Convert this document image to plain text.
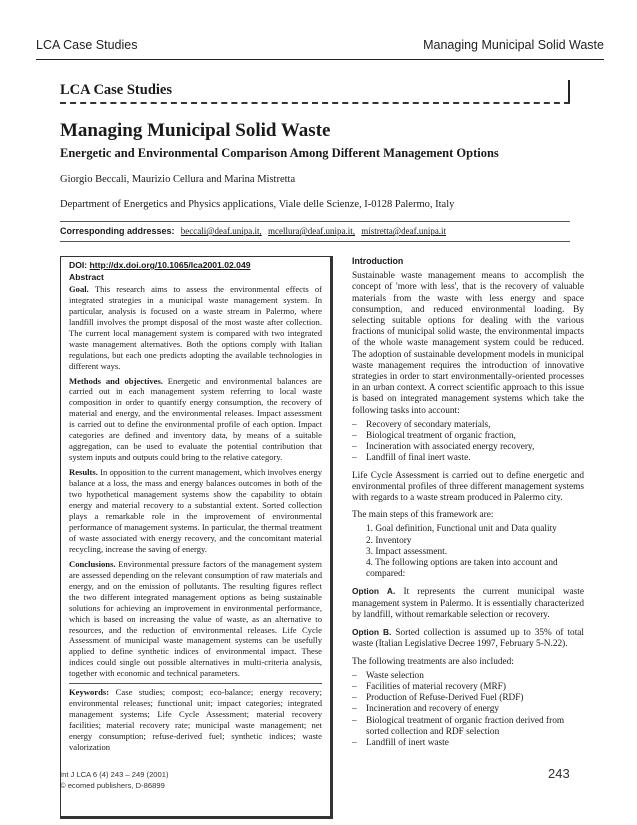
LCA Case Studies	Managing Municipal Solid Waste
LCA Case Studies
Managing Municipal Solid Waste
Energetic and Environmental Comparison Among Different Management Options
Giorgio Beccali, Maurizio Cellura and Marina Mistretta
Department of Energetics and Physics applications, Viale delle Scienze, I-0128 Palermo, Italy
Corresponding addresses: beccali@deaf.unipa.it, mcellura@deaf.unipa.it, mistretta@deaf.unipa.it
DOI: http://dx.doi.org/10.1065/lca2001.02.049
Abstract

Goal. This research aims to assess the environmental effects of integrated strategies in a municipal waste management system. In particular, analysis is focused on a waste stream in Palermo, where landfill involves the prompt disposal of the most waste after collection. The current local management system is compared with two integrated waste management alternatives. Both the options comply with Italian regulations, but each one predicts adopting the available technologies in different ways.

Methods and objectives. Energetic and environmental balances are carried out in each management system referring to local waste composition in order to quantify energy consumption, the recovery of material and energy, and the environmental releases. Impact assessment is carried out to define the environmental profile of each option. Impact categories are defined and inventory data, by means of a suitable aggregation, can be used to evaluate the potential contribution that system inputs and outputs could bring to the relative category.

Results. In opposition to the current management, which involves energy balance at a loss, the mass and energy balances outcomes in both of the two hypothetical management systems show the capability to obtain energy and material recovery to a substantial extent. Sorted collection plays a remarkable role in the improvement of environmental performance of management systems. In particular, the thermal treatment of waste associated with energy recovery, and the concomitant material recycling, increase the saving of energy.

Conclusions. Environmental pressure factors of the management system are assessed depending on the relevant consumption of raw materials and energy, and on the emission of pollutants. The resulting figures reflect the two different integrated management options as being sustainable solutions for achieving an improvement in environmental performance, which is based on increasing the value of waste, as an alternative to resources, and the reduction of environmental releases. Life Cycle Assessment of municipal waste management systems can be usefully applied to define synthetic indices of environmental impact. These indices could single out possible alternatives in multi-criteria analysis, together with economic and technical parameters.

Keywords: Case studies; compost; eco-balance; energy recovery; environmental releases; functional unit; impact categories; integrated management systems; Life Cycle Assessment; material recovery facilities; material recovery rate; municipal waste management; net energy consumption; refuse-derived fuel; synthetic indices; waste valorization

Introduction

Sustainable waste management means to accomplish the concept of 'more with less', that is the recovery of valuable materials from the waste with less energy and space consumption, and reduced environmental loading. By selecting suitable options for dealing with the various fractions of municipal solid waste, the environmental impacts of the whole waste management system could be reduced. The adoption of sustainable development models in municipal waste management requires the introduction of innovative strategies in order to start environmentally-oriented processes in an urban context. A correct scientific approach to this issue is based on integrated management systems which take the following tasks into account:

– Recovery of secondary materials,
– Biological treatment of organic fraction,
– Incineration with associated energy recovery,
– Landfill of final inert waste.

Life Cycle Assessment is carried out to define energetic and environmental profiles of three different management systems with regards to a waste stream produced in Palermo city.

The main steps of this framework are:

1. Goal definition, Functional unit and Data quality
2. Inventory
3. Impact assessment.
4. The following options are taken into account and compared:

Option A. It represents the current municipal waste management system in Palermo. It is essentially characterized by landfill, without remarkable selection or recovery.

Option B. Sorted collection is assumed up to 35% of total waste (Italian Legislative Decree 1997, February 5-N.22).

The following treatments are also included:

– Waste selection
– Facilities of material recovery (MRF)
– Production of Refuse-Derived Fuel (RDF)
– Incineration and recovery of energy
– Biological treatment of organic fraction derived from sorted collection and RDF selection
– Landfill of inert waste
Int J LCA 6 (4) 243 – 249 (2001)
© ecomed publishers, D-86899
243
